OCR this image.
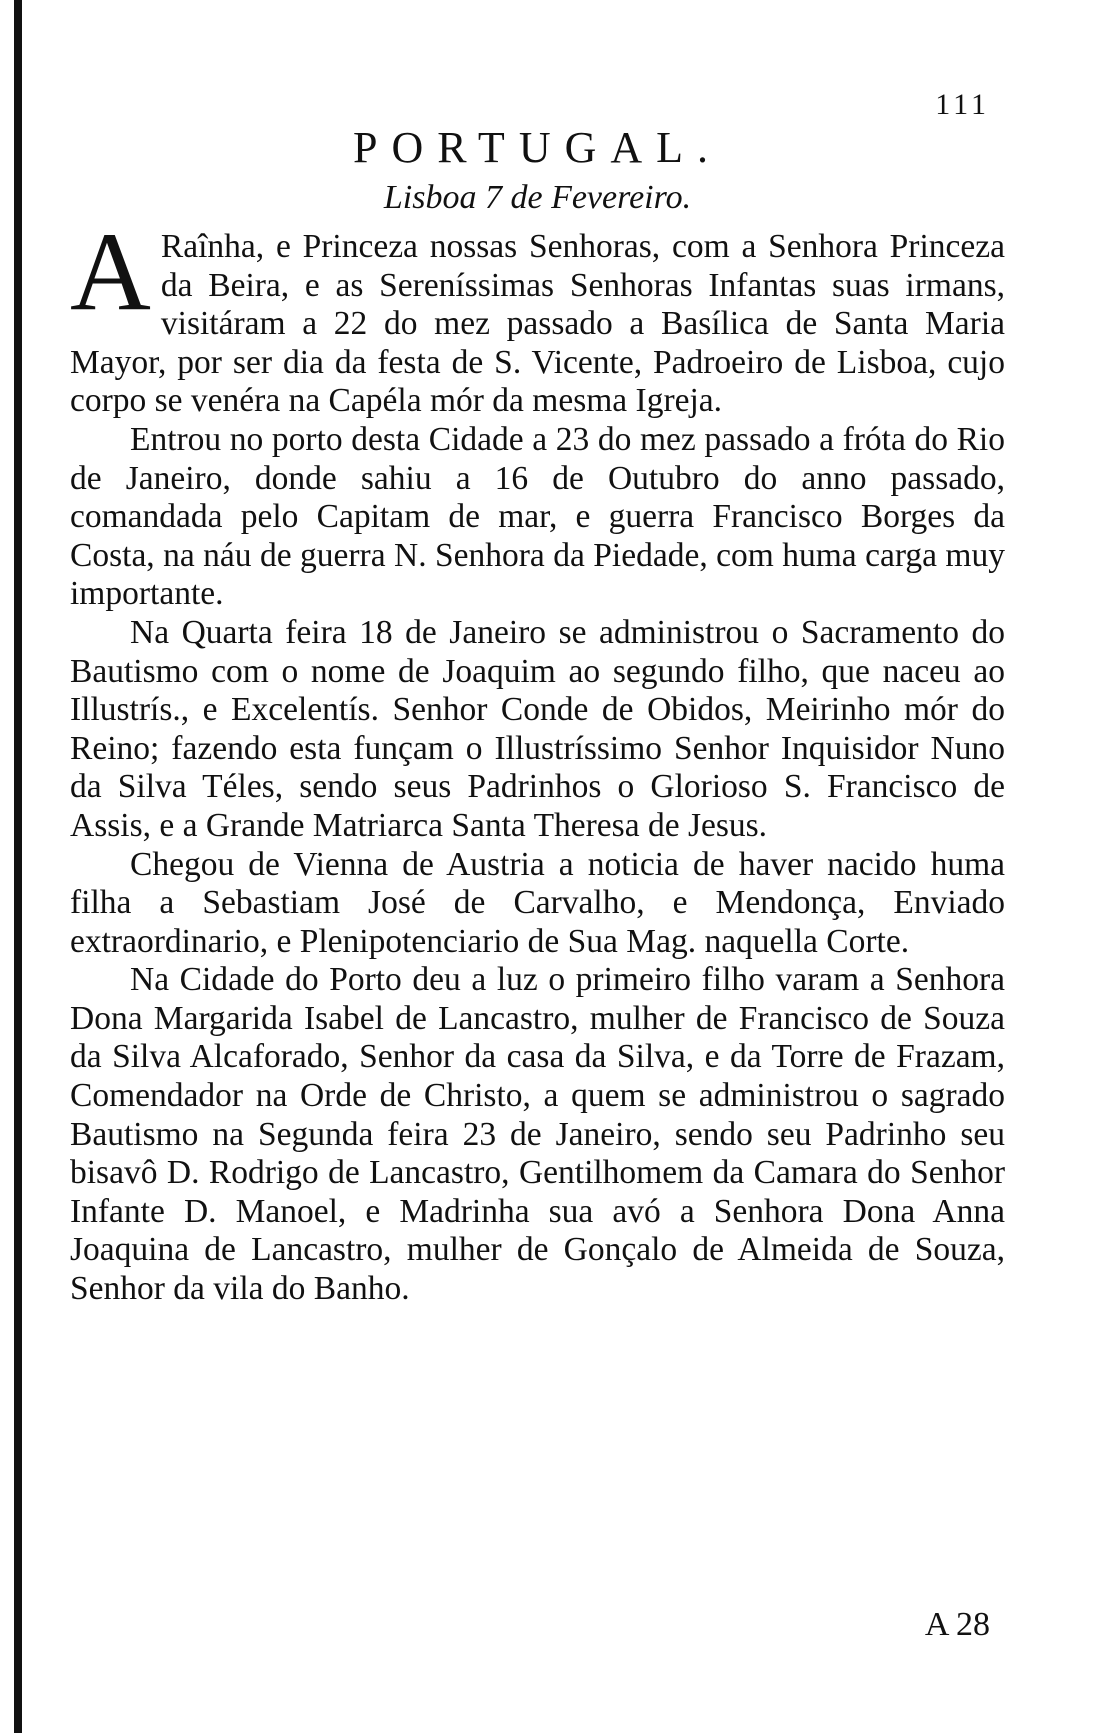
111
PORTUGAL.
Lisboa 7 de Fevereiro.

A Raînha, e Princeza nossas Senhoras, com a Senhora Princeza da Beira, e as Sereníssimas Senhoras Infantas suas irmans, visitáram a 22 do mez passado a Basílica de Santa Maria Mayor, por ser dia da festa de S. Vicente, Padroeiro de Lisboa, cujo corpo se venéra na Capéla mór da mesma Igreja.

Entrou no porto desta Cidade a 23 do mez passado a fróta do Rio de Janeiro, donde sahiu a 16 de Outubro do anno passado, comandada pelo Capitam de mar, e guerra Francisco Borges da Costa, na náu de guerra N. Senhora da Piedade, com huma carga muy importante.

Na Quarta feira 18 de Janeiro se administrou o Sacramento do Bautismo com o nome de Joaquim ao segundo filho, que naceu ao Illustrís., e Excelentís. Senhor Conde de Obidos, Meirinho mór do Reino; fazendo esta funçam o Illustríssimo Senhor Inquisidor Nuno da Silva Téles, sendo seus Padrinhos o Glorioso S. Francisco de Assis, e a Grande Matriarca Santa Theresa de Jesus.

Chegou de Vienna de Austria a noticia de haver nacido huma filha a Sebastiam José de Carvalho, e Mendonça, Enviado extraordinario, e Plenipotenciario de Sua Mag. naquella Corte.

Na Cidade do Porto deu a luz o primeiro filho varam a Senhora Dona Margarida Isabel de Lancastro, mulher de Francisco de Souza da Silva Alcaforado, Senhor da casa da Silva, e da Torre de Frazam, Comendador na Orde de Christo, a quem se administrou o sagrado Bautismo na Segunda feira 23 de Janeiro, sendo seu Padrinho seu bisavô D. Rodrigo de Lancastro, Gentilhomem da Camara do Senhor Infante D. Manoel, e Madrinha sua avó a Senhora Dona Anna Joaquina de Lancastro, mulher de Gonçalo de Almeida de Souza, Senhor da vila do Banho.

A 28
